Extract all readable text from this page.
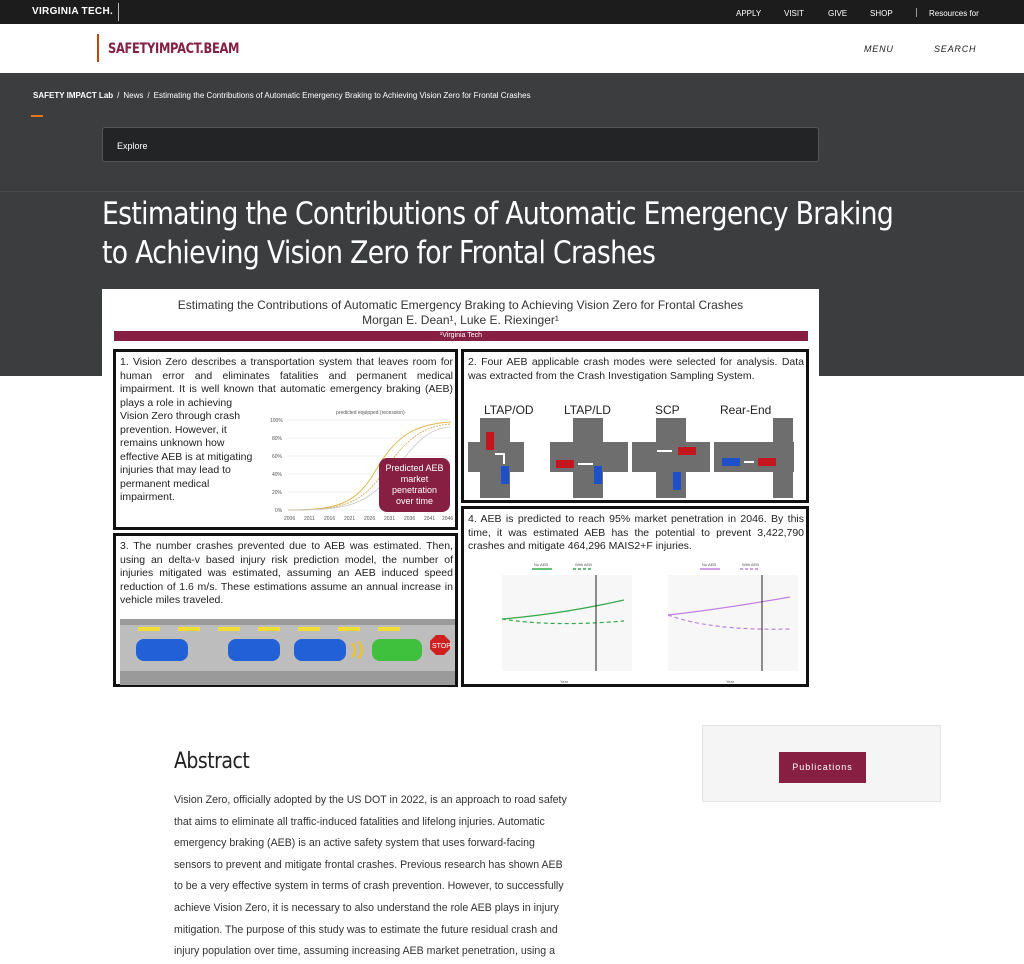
VIRGINIA TECH.	APPLY	VISIT	GIVE	SHOP	Resources for
SAFETYIMPACT.BEAM	MENU	SEARCH
SAFETY IMPACT Lab / News / Estimating the Contributions of Automatic Emergency Braking to Achieving Vision Zero for Frontal Crashes
Explore
Estimating the Contributions of Automatic Emergency Braking
to Achieving Vision Zero for Frontal Crashes
Estimating the Contributions of Automatic Emergency Braking to Achieving Vision Zero for Frontal Crashes
Morgan E. Dean¹, Luke E. Riexinger¹
¹Virginia Tech
1. Vision Zero describes a transportation system that leaves room for human error and eliminates fatalities and permanent medical impairment. It is well known that automatic emergency braking (AEB) plays a role in achieving
Vision Zero through crash prevention. However, it remains unknown how effective AEB is at mitigating injuries that may lead to permanent medical impairment.
100%
80%
60%
40%
20%
0%
2006 2011 2016 2021 2026 2031 2036 2041 2046
predicted equipped (recession)
Predicted AEB market penetration over time
2. Four AEB applicable crash modes were selected for analysis. Data was extracted from the Crash Investigation Sampling System.
LTAP/OD	LTAP/LD	SCP	Rear-End
3. The number crashes prevented due to AEB was estimated. Then, using an delta-v based injury risk prediction model, the number of injuries mitigated was estimated, assuming an AEB induced speed reduction of 1.6 m/s. These estimations assume an annual increase in vehicle miles traveled.
STOP
4. AEB is predicted to reach 95% market penetration in 2046. By this time, it was estimated AEB has the potential to prevent 3,422,790 crashes and mitigate 464,296 MAIS2+F injuries.
No AEB	With AEB	No AEB	With AEB
Year	Year
Abstract
Vision Zero, officially adopted by the US DOT in 2022, is an approach to road safety
that aims to eliminate all traffic-induced fatalities and lifelong injuries. Automatic
emergency braking (AEB) is an active safety system that uses forward-facing
sensors to prevent and mitigate frontal crashes. Previous research has shown AEB
to be a very effective system in terms of crash prevention. However, to successfully
achieve Vision Zero, it is necessary to also understand the role AEB plays in injury
mitigation. The purpose of this study was to estimate the future residual crash and
injury population over time, assuming increasing AEB market penetration, using a
Publications
